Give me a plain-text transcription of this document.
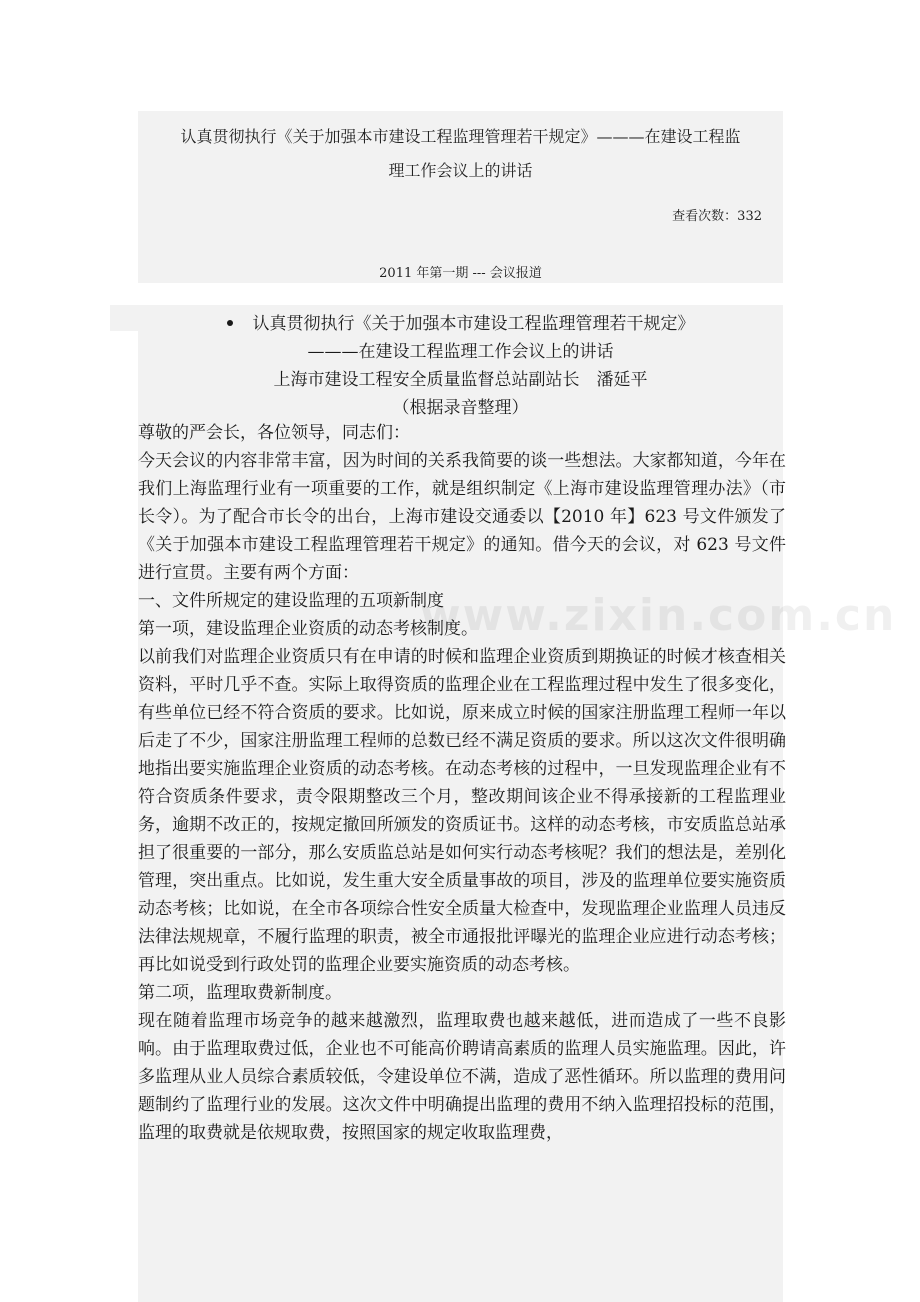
认真贯彻执行《关于加强本市建设工程监理管理若干规定》———在建设工程监
理工作会议上的讲话
查看次数：332
2011 年第一期 --- 会议报道
认真贯彻执行《关于加强本市建设工程监理管理若干规定》
———在建设工程监理工作会议上的讲话
上海市建设工程安全质量监督总站副站长　潘延平
（根据录音整理）

尊敬的严会长，各位领导，同志们：

今天会议的内容非常丰富，因为时间的关系我简要的谈一些想法。大家都知道，今年在我们上海监理行业有一项重要的工作，就是组织制定《上海市建设监理管理办法》（市长令）。为了配合市长令的出台，上海市建设交通委以【2010 年】623 号文件颁发了《关于加强本市建设工程监理管理若干规定》的通知。借今天的会议，对 623 号文件进行宣贯。主要有两个方面：

一、文件所规定的建设监理的五项新制度

第一项，建设监理企业资质的动态考核制度。

以前我们对监理企业资质只有在申请的时候和监理企业资质到期换证的时候才核查相关资料，平时几乎不查。实际上取得资质的监理企业在工程监理过程中发生了很多变化，有些单位已经不符合资质的要求。比如说，原来成立时候的国家注册监理工程师一年以后走了不少，国家注册监理工程师的总数已经不满足资质的要求。所以这次文件很明确地指出要实施监理企业资质的动态考核。在动态考核的过程中，一旦发现监理企业有不符合资质条件要求，责令限期整改三个月，整改期间该企业不得承接新的工程监理业务，逾期不改正的，按规定撤回所颁发的资质证书。这样的动态考核，市安质监总站承担了很重要的一部分，那么安质监总站是如何实行动态考核呢？我们的想法是，差别化管理，突出重点。比如说，发生重大安全质量事故的项目，涉及的监理单位要实施资质动态考核；比如说，在全市各项综合性安全质量大检查中，发现监理企业监理人员违反法律法规规章，不履行监理的职责，被全市通报批评曝光的监理企业应进行动态考核；再比如说受到行政处罚的监理企业要实施资质的动态考核。

第二项，监理取费新制度。

现在随着监理市场竞争的越来越激烈，监理取费也越来越低，进而造成了一些不良影响。由于监理取费过低，企业也不可能高价聘请高素质的监理人员实施监理。因此，许多监理从业人员综合素质较低，令建设单位不满，造成了恶性循环。所以监理的费用问题制约了监理行业的发展。这次文件中明确提出监理的费用不纳入监理招投标的范围，监理的取费就是依规取费，按照国家的规定收取监理费，
